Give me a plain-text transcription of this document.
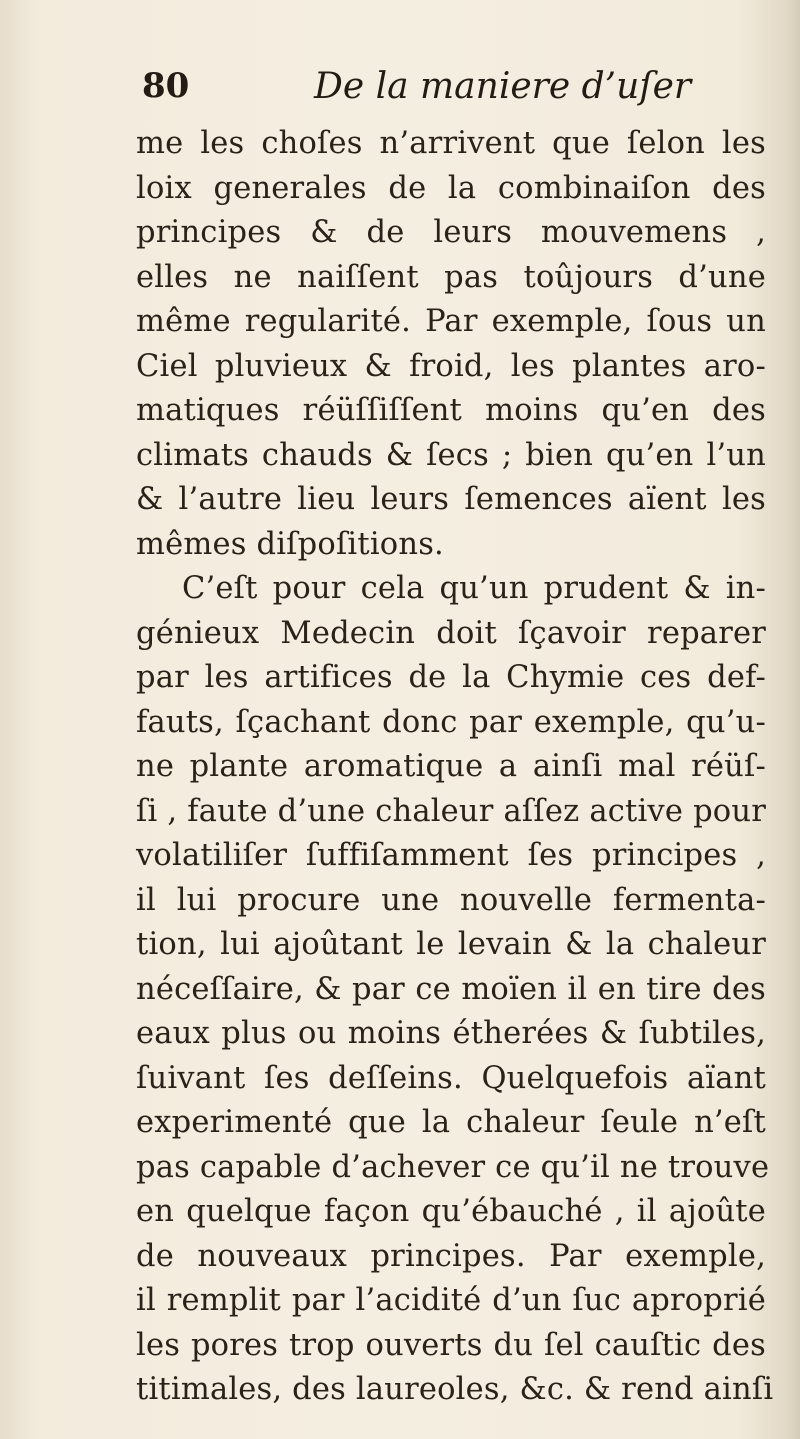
80	De la maniere d’uſer
me les choſes n’arrivent que ſelon les
loix generales de la combinaiſon des
principes & de leurs mouvemens ,
elles ne naiſſent pas toûjours d’une
même regularité. Par exemple, ſous un
Ciel pluvieux & froid, les plantes aro-
matiques réüſſiſſent moins qu’en des
climats chauds & ſecs ; bien qu’en l’un
& l’autre lieu leurs ſemences aïent les
mêmes diſpoſitions.
C’eſt pour cela qu’un prudent & in-
génieux Medecin doit ſçavoir reparer
par les artifices de la Chymie ces def-
fauts, ſçachant donc par exemple, qu’u-
ne plante aromatique a ainſi mal réüſ-
ſi , faute d’une chaleur aſſez active pour
volatiliſer ſuffiſamment ſes principes ,
il lui procure une nouvelle fermenta-
tion, lui ajoûtant le levain & la chaleur
néceſſaire, & par ce moïen il en tire des
eaux plus ou moins étherées & ſubtiles,
ſuivant ſes deſſeins. Quelquefois aïant
experimenté que la chaleur ſeule n’eſt
pas capable d’achever ce qu’il ne trouve
en quelque façon qu’ébauché , il ajoûte
de nouveaux principes. Par exemple,
il remplit par l’acidité d’un ſuc aproprié
les pores trop ouverts du ſel cauſtic des
titimales, des laureoles, &c. & rend ainſi
